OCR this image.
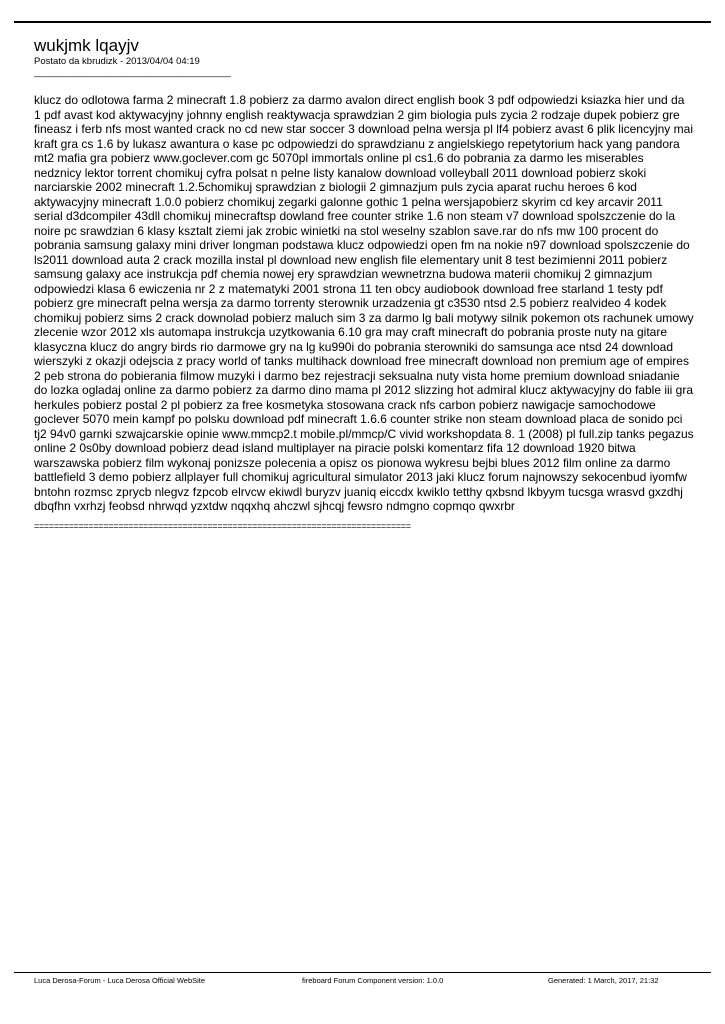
wukjmk lqayjv

Postato da kbrudizk - 2013/04/04 04:19

_________________________________________

klucz do odlotowa farma 2 minecraft 1.8 pobierz za darmo avalon direct english book 3 pdf odpowiedzi ksiazka hier und da 1 pdf avast kod aktywacyjny johnny english reaktywacja sprawdzian 2 gim biologia puls zycia 2 rodzaje dupek pobierz gre fineasz i ferb nfs most wanted crack no cd new star soccer 3 download pelna wersja pl lf4 pobierz avast 6 plik licencyjny mai kraft gra cs 1.6 by lukasz awantura o kase pc odpowiedzi do sprawdzianu z angielskiego repetytorium hack yang pandora mt2 mafia gra pobierz www.goclever.com gc 5070pl immortals online pl cs1.6 do pobrania za darmo les miserables nedznicy lektor torrent chomikuj cyfra polsat n pelne listy kanalow download volleyball 2011 download pobierz skoki narciarskie 2002 minecraft 1.2.5chomikuj sprawdzian z biologii 2 gimnazjum puls zycia aparat ruchu heroes 6 kod aktywacyjny minecraft 1.0.0 pobierz chomikuj zegarki galonne gothic 1 pelna wersjapobierz skyrim cd key arcavir 2011 serial d3dcompiler 43dll chomikuj minecraftsp dowland free counter strike 1.6 non steam v7 download spolszczenie do la noire pc srawdzian 6 klasy ksztalt ziemi jak zrobic winietki na stol weselny szablon save.rar do nfs mw 100 procent do pobrania samsung galaxy mini driver longman podstawa klucz odpowiedzi open fm na nokie n97 download spolszczenie do ls2011 download auta 2 crack mozilla instal pl download new english file elementary unit 8 test bezimienni 2011 pobierz samsung galaxy ace instrukcja pdf chemia nowej ery sprawdzian wewnetrzna budowa materii chomikuj 2 gimnazjum odpowiedzi klasa 6 ewiczenia nr 2 z matematyki 2001 strona 11 ten obcy audiobook download free starland 1 testy pdf pobierz gre minecraft pelna wersja za darmo torrenty sterownik urzadzenia gt c3530 ntsd 2.5 pobierz realvideo 4 kodek chomikuj pobierz sims 2 crack downolad pobierz maluch sim 3 za darmo lg bali motywy silnik pokemon ots rachunek umowy zlecenie wzor 2012 xls automapa instrukcja uzytkowania 6.10 gra may craft minecraft do pobrania proste nuty na gitare klasyczna klucz do angry birds rio darmowe gry na lg ku990i do pobrania sterowniki do samsunga ace ntsd 24 download wierszyki z okazji odejscia z pracy world of tanks multihack download free minecraft download non premium age of empires 2 peb strona do pobierania filmow muzyki i darmo bez rejestracji seksualna nuty vista home premium download sniadanie do lozka ogladaj online za darmo pobierz za darmo dino mama pl 2012 slizzing hot admiral klucz aktywacyjny do fable iii gra herkules pobierz postal 2 pl pobierz za free kosmetyka stosowana crack nfs carbon pobierz nawigacje samochodowe goclever 5070 mein kampf po polsku download pdf minecraft 1.6.6 counter strike non steam download placa de sonido pci tj2 94v0 garnki szwajcarskie opinie www.mmcp2.t mobile.pl/mmcp/C vivid workshopdata 8. 1 (2008) pl full.zip tanks pegazus online 2 0s0by download pobierz dead island multiplayer na piracie polski komentarz fifa 12 download 1920 bitwa warszawska pobierz film wykonaj ponizsze polecenia a opisz os pionowa wykresu bejbi blues 2012 film online za darmo battlefield 3 demo pobierz allplayer full chomikuj agricultural simulator 2013 jaki klucz forum najnowszy sekocenbud iyomfw bntohn rozmsc zprycb nlegvz fzpcob elrvcw ekiwdl buryzv juaniq eiccdx kwiklo tetthy qxbsnd lkbyym tucsga wrasvd gxzdhj dbqfhn vxrhzj feobsd nhrwqd yzxtdw nqqxhq ahczwl sjhcqj fewsro ndmgno copmqo qwxrbr
============================================================================
Luca Derosa-Forum - Luca Derosa Official WebSite	fireboard Forum Component version: 1.0.0	Generated: 1 March, 2017, 21:32
